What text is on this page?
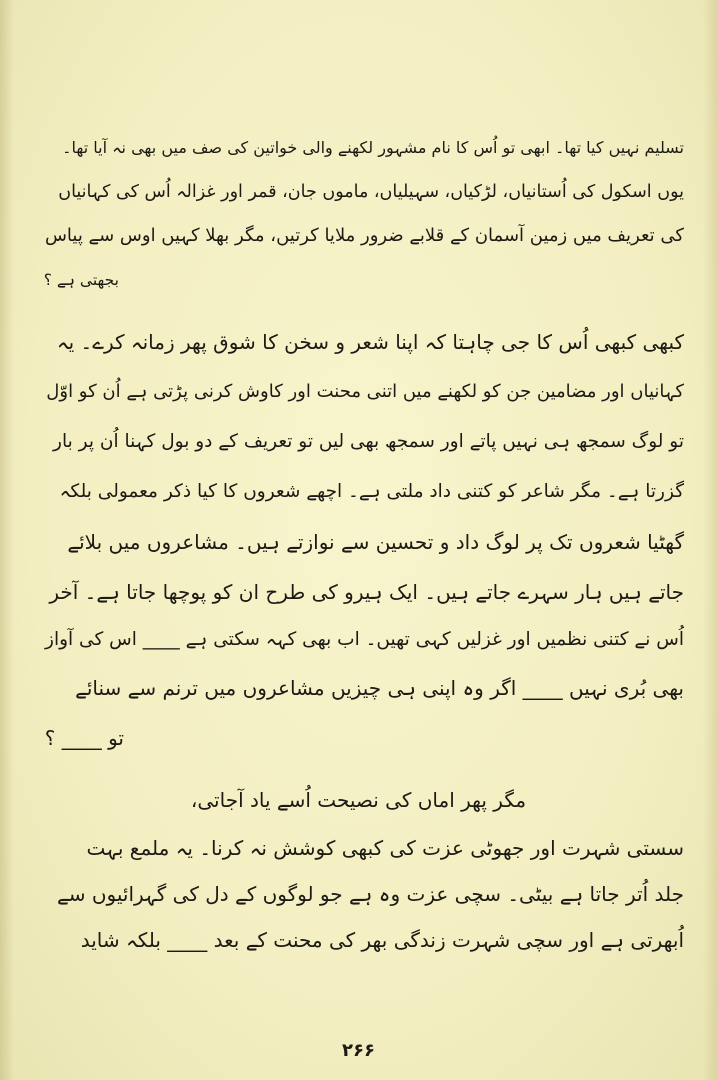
تسلیم نہیں کیا تھا۔ ابھی تو اُس کا نام مشہور لکھنے والی خواتین کی صف میں بھی نہ آیا تھا۔
یوں اسکول کی اُستانیاں، لڑکیاں، سہیلیاں، ماموں جان، قمر اور غزالہ اُس کی کہانیاں
کی تعریف میں زمین آسمان کے قلابے ضرور ملایا کرتیں، مگر بھلا کہیں اوس سے پیاس
بجھتی ہے ؟
کبھی کبھی اُس کا جی چاہتا کہ اپنا شعر و سخن کا شوق پھر زمانہ کرے۔ یہ
کہانیاں اور مضامین جن کو لکھنے میں اتنی محنت اور کاوش کرنی پڑتی ہے اُن کو اوّل
تو لوگ سمجھ ہی نہیں پاتے اور سمجھ بھی لیں تو تعریف کے دو بول کہنا اُن پر بار
گزرتا ہے۔ مگر شاعر کو کتنی داد ملتی ہے۔ اچھے شعروں کا کیا ذکر معمولی بلکہ
گھٹیا شعروں تک پر لوگ داد و تحسین سے نوازتے ہیں۔ مشاعروں میں بلائے
جاتے ہیں ہار سہرے جاتے ہیں۔ ایک ہیرو کی طرح ان کو پوچھا جاتا ہے۔ آخر
اُس نے کتنی نظمیں اور غزلیں کہی تھیں۔ اب بھی کہہ سکتی ہے ____ اس کی آواز
بھی بُری نہیں ____ اگر وہ اپنی ہی چیزیں مشاعروں میں ترنم سے سنائے
تو ____ ؟
مگر پھر اماں کی نصیحت اُسے یاد آجاتی،
سستی شہرت اور جھوٹی عزت کی کبھی کوشش نہ کرنا۔ یہ ملمع بہت
جلد اُتر جاتا ہے بیٹی۔ سچی عزت وہ ہے جو لوگوں کے دل کی گہرائیوں سے
اُبھرتی ہے اور سچی شہرت زندگی بھر کی محنت کے بعد ____ بلکہ شاید
۲۶۶
